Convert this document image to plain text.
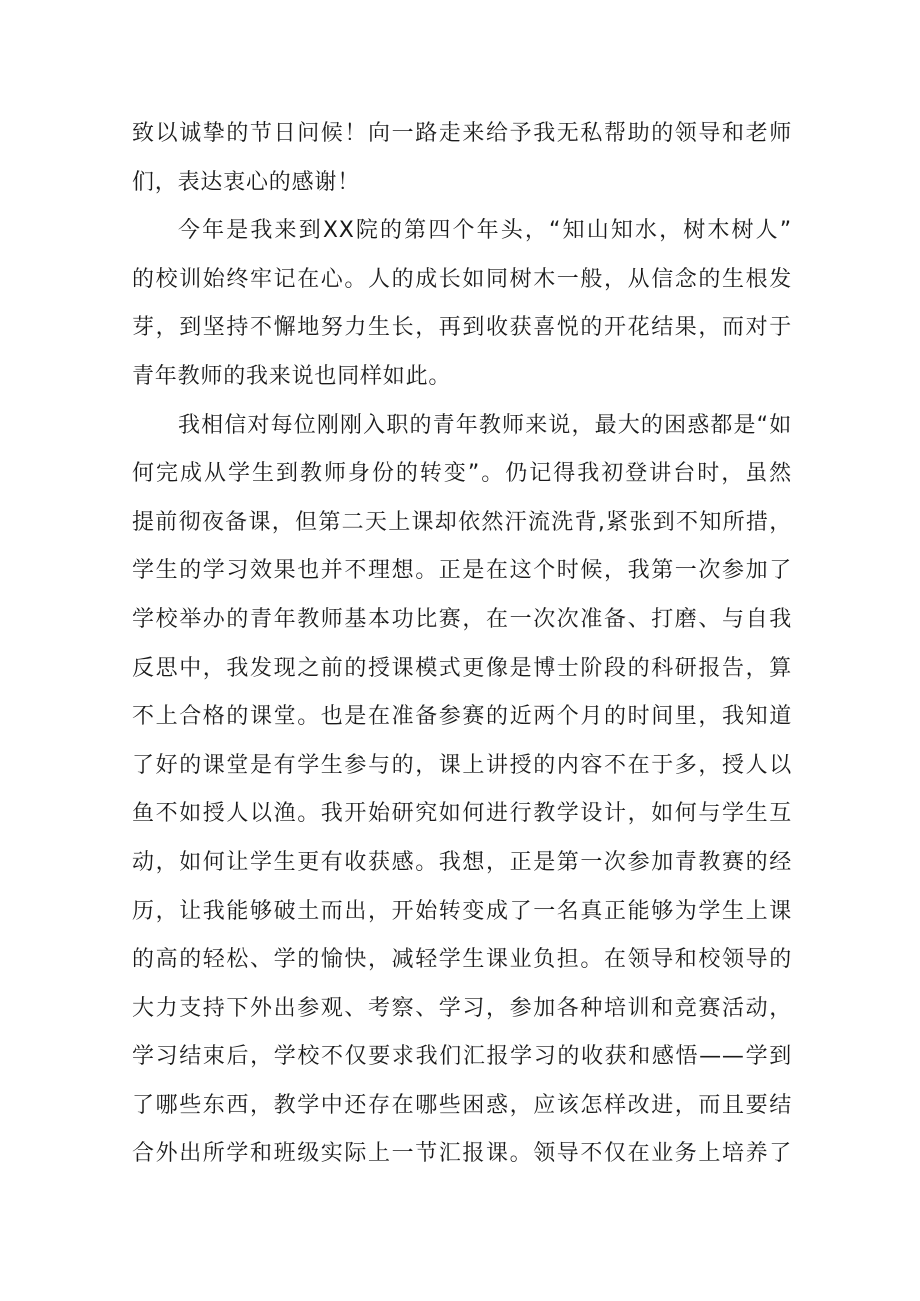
致以诚挚的节日问候！向一路走来给予我无私帮助的领导和老师
们，表达衷心的感谢！
今年是我来到XX院的第四个年头，“知山知水，树木树人”
的校训始终牢记在心。人的成长如同树木一般，从信念的生根发
芽，到坚持不懈地努力生长，再到收获喜悦的开花结果，而对于
青年教师的我来说也同样如此。
我相信对每位刚刚入职的青年教师来说，最大的困惑都是“如
何完成从学生到教师身份的转变”。仍记得我初登讲台时，虽然
提前彻夜备课，但第二天上课却依然汗流洗背,紧张到不知所措，
学生的学习效果也并不理想。正是在这个时候，我第一次参加了
学校举办的青年教师基本功比赛，在一次次准备、打磨、与自我
反思中，我发现之前的授课模式更像是博士阶段的科研报告，算
不上合格的课堂。也是在准备参赛的近两个月的时间里，我知道
了好的课堂是有学生参与的，课上讲授的内容不在于多，授人以
鱼不如授人以渔。我开始研究如何进行教学设计，如何与学生互
动，如何让学生更有收获感。我想，正是第一次参加青教赛的经
历，让我能够破土而出，开始转变成了一名真正能够为学生上课
的高的轻松、学的愉快，减轻学生课业负担。在领导和校领导的
大力支持下外出参观、考察、学习，参加各种培训和竞赛活动，
学习结束后，学校不仅要求我们汇报学习的收获和感悟——学到
了哪些东西，教学中还存在哪些困惑，应该怎样改进，而且要结
合外出所学和班级实际上一节汇报课。领导不仅在业务上培养了
